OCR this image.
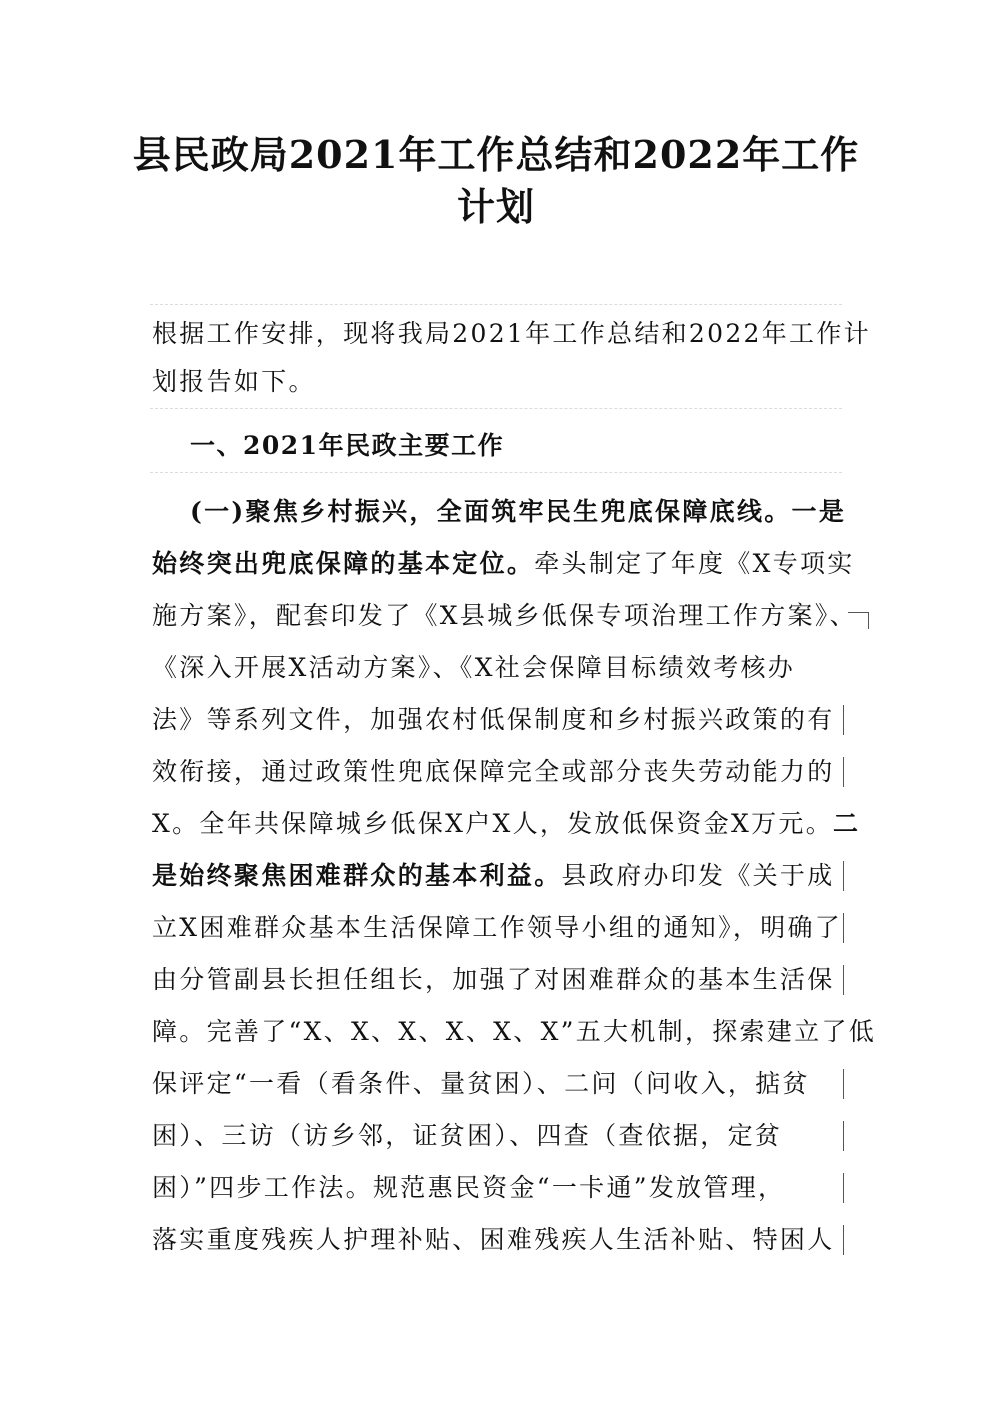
县民政局2021年工作总结和2022年工作
计划
根据工作安排，现将我局2021年工作总结和2022年工作计
划报告如下。
一、2021年民政主要工作
(一)聚焦乡村振兴，全面筑牢民生兜底保障底线。一是
始终突出兜底保障的基本定位。牵头制定了年度《X专项实
施方案》，配套印发了《X县城乡低保专项治理工作方案》、
《深入开展X活动方案》、《X社会保障目标绩效考核办
法》等系列文件，加强农村低保制度和乡村振兴政策的有
效衔接，通过政策性兜底保障完全或部分丧失劳动能力的
X。全年共保障城乡低保X户X人，发放低保资金X万元。二
是始终聚焦困难群众的基本利益。县政府办印发《关于成
立X困难群众基本生活保障工作领导小组的通知》，明确了
由分管副县长担任组长，加强了对困难群众的基本生活保
障。完善了“X、X、X、X、X、X”五大机制，探索建立了低
保评定“一看（看条件、量贫困）、二问（问收入，掂贫
困）、三访（访乡邻，证贫困）、四查（查依据，定贫
困）”四步工作法。规范惠民资金“一卡通”发放管理，
落实重度残疾人护理补贴、困难残疾人生活补贴、特困人
